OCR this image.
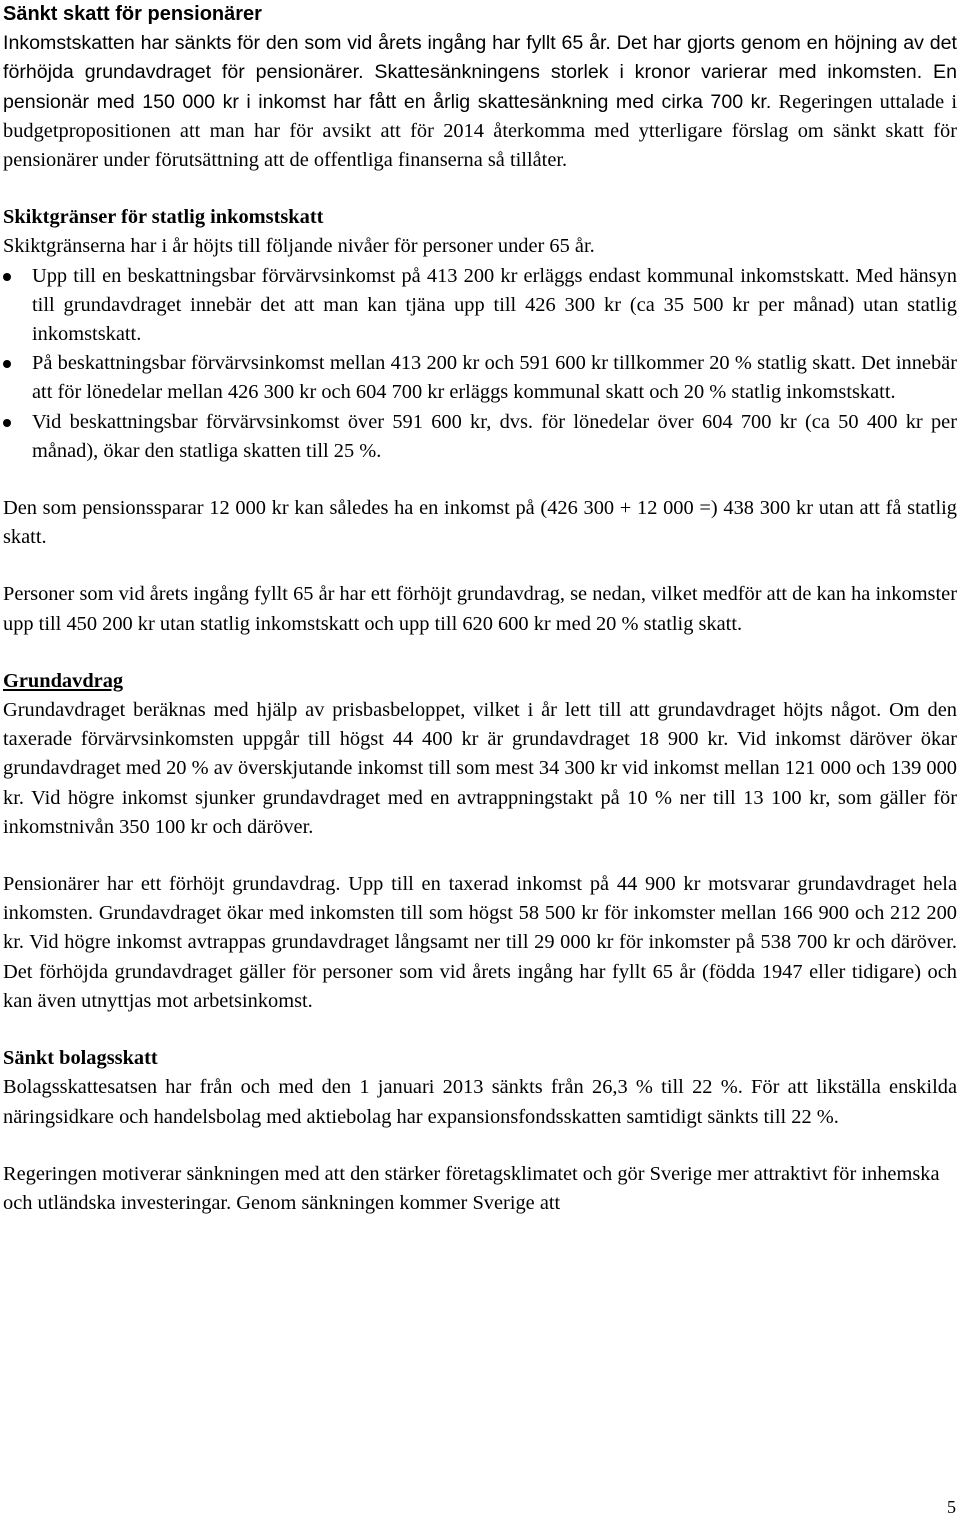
Sänkt skatt för pensionärer

Inkomstskatten har sänkts för den som vid årets ingång har fyllt 65 år. Det har gjorts genom en höjning av det förhöjda grundavdraget för pensionärer. Skattesänkningens storlek i kronor varierar med inkomsten. En pensionär med 150 000 kr i inkomst har fått en årlig skattesänkning med cirka 700 kr. Regeringen uttalade i budgetpropositionen att man har för avsikt att för 2014 återkomma med ytterligare förslag om sänkt skatt för pensionärer under förutsättning att de offentliga finanserna så tillåter.

Skiktgränser för statlig inkomstskatt

Skiktgränserna har i år höjts till följande nivåer för personer under 65 år.

Upp till en beskattningsbar förvärvsinkomst på 413 200 kr erläggs endast kommunal inkomstskatt. Med hänsyn till grundavdraget innebär det att man kan tjäna upp till 426 300 kr (ca 35 500 kr per månad) utan statlig inkomstskatt.
På beskattningsbar förvärvsinkomst mellan 413 200 kr och 591 600 kr tillkommer 20 % statlig skatt. Det innebär att för lönedelar mellan 426 300 kr och 604 700 kr erläggs kommunal skatt och 20 % statlig inkomstskatt.
Vid beskattningsbar förvärvsinkomst över 591 600 kr, dvs. för lönedelar över 604 700 kr (ca 50 400 kr per månad), ökar den statliga skatten till 25 %.

Den som pensionssparar 12 000 kr kan således ha en inkomst på (426 300 + 12 000 =) 438 300 kr utan att få statlig skatt.

Personer som vid årets ingång fyllt 65 år har ett förhöjt grundavdrag, se nedan, vilket medför att de kan ha inkomster upp till 450 200 kr utan statlig inkomstskatt och upp till 620 600 kr med 20 % statlig skatt.

Grundavdrag

Grundavdraget beräknas med hjälp av prisbasbeloppet, vilket i år lett till att grundavdraget höjts något. Om den taxerade förvärvsinkomsten uppgår till högst 44 400 kr är grundavdraget 18 900 kr. Vid inkomst däröver ökar grundavdraget med 20 % av överskjutande inkomst till som mest 34 300 kr vid inkomst mellan 121 000 och 139 000 kr. Vid högre inkomst sjunker grundavdraget med en avtrappningstakt på 10 % ner till 13 100 kr, som gäller för inkomstnivån 350 100 kr och däröver.

Pensionärer har ett förhöjt grundavdrag. Upp till en taxerad inkomst på 44 900 kr motsvarar grundavdraget hela inkomsten. Grundavdraget ökar med inkomsten till som högst 58 500 kr för inkomster mellan 166 900 och 212 200 kr. Vid högre inkomst avtrappas grundavdraget långsamt ner till 29 000 kr för inkomster på 538 700 kr och däröver. Det förhöjda grundavdraget gäller för personer som vid årets ingång har fyllt 65 år (födda 1947 eller tidigare) och kan även utnyttjas mot arbetsinkomst.

Sänkt bolagsskatt

Bolagsskattesatsen har från och med den 1 januari 2013 sänkts från 26,3 % till 22 %. För att likställa enskilda näringsidkare och handelsbolag med aktiebolag har expansionsfondsskatten samtidigt sänkts till 22 %.

Regeringen motiverar sänkningen med att den stärker företagsklimatet och gör Sverige mer attraktivt för inhemska och utländska investeringar. Genom sänkningen kommer Sverige att

5
